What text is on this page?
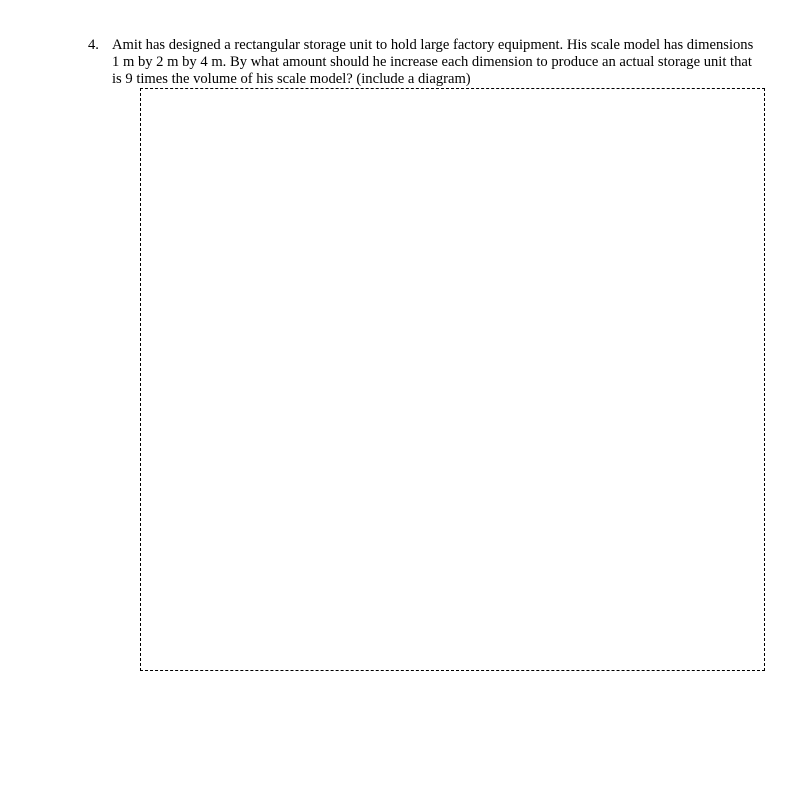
4. Amit has designed a rectangular storage unit to hold large factory equipment. His scale model has dimensions
1 m by 2 m by 4 m. By what amount should he increase each dimension to produce an actual storage unit that
is 9 times the volume of his scale model? (include a diagram)
